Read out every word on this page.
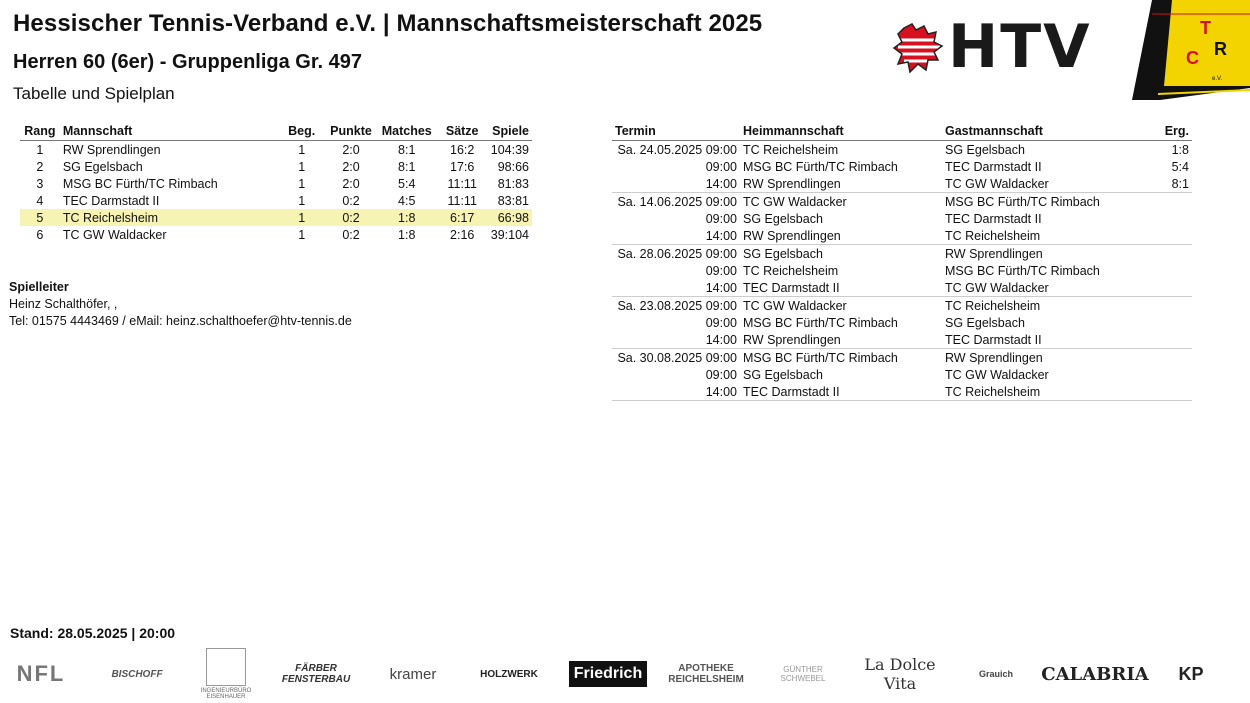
Hessischer Tennis-Verband e.V. | Mannschaftsmeisterschaft 2025
Herren 60 (6er) - Gruppenliga Gr. 497
Tabelle und Spielplan
HTV	T
C R
e.V.
Rang	Mannschaft	Beg.	Punkte	Matches	Sätze	Spiele
1	RW Sprendlingen	1	2:0	8:1	16:2	104:39
2	SG Egelsbach	1	2:0	8:1	17:6	98:66
3	MSG BC Fürth/TC Rimbach	1	2:0	5:4	11:11	81:83
4	TEC Darmstadt II	1	0:2	4:5	11:11	83:81
5	TC Reichelsheim	1	0:2	1:8	6:17	66:98
6	TC GW Waldacker	1	0:2	1:8	2:16	39:104
Termin	Heimmannschaft	Gastmannschaft	Erg.
Sa. 24.05.2025 09:00	TC Reichelsheim	SG Egelsbach	1:8
09:00	MSG BC Fürth/TC Rimbach	TEC Darmstadt II	5:4
14:00	RW Sprendlingen	TC GW Waldacker	8:1
Sa. 14.06.2025 09:00	TC GW Waldacker	MSG BC Fürth/TC Rimbach	
09:00	SG Egelsbach	TEC Darmstadt II	
14:00	RW Sprendlingen	TC Reichelsheim	
Sa. 28.06.2025 09:00	SG Egelsbach	RW Sprendlingen	
09:00	TC Reichelsheim	MSG BC Fürth/TC Rimbach	
14:00	TEC Darmstadt II	TC GW Waldacker	
Sa. 23.08.2025 09:00	TC GW Waldacker	TC Reichelsheim	
09:00	MSG BC Fürth/TC Rimbach	SG Egelsbach	
14:00	RW Sprendlingen	TEC Darmstadt II	
Sa. 30.08.2025 09:00	MSG BC Fürth/TC Rimbach	RW Sprendlingen	
09:00	SG Egelsbach	TC GW Waldacker	
14:00	TEC Darmstadt II	TC Reichelsheim	
Spielleiter
Heinz Schalthöfer, ,
Tel: 01575 4443469 / eMail: heinz.schalthoefer@htv-tennis.de
Stand: 28.05.2025 | 20:00
NFL	BISCHOFF
INGENIEURBÜRO EISENHAUER
FÄRBER FENSTERBAU	kramer	HOLZWERK	Friedrich	APOTHEKE REICHELSHEIM
GÜNTHER SCHWEBEL
La Dolce Vita	Grauich	CALABRIA	KP
